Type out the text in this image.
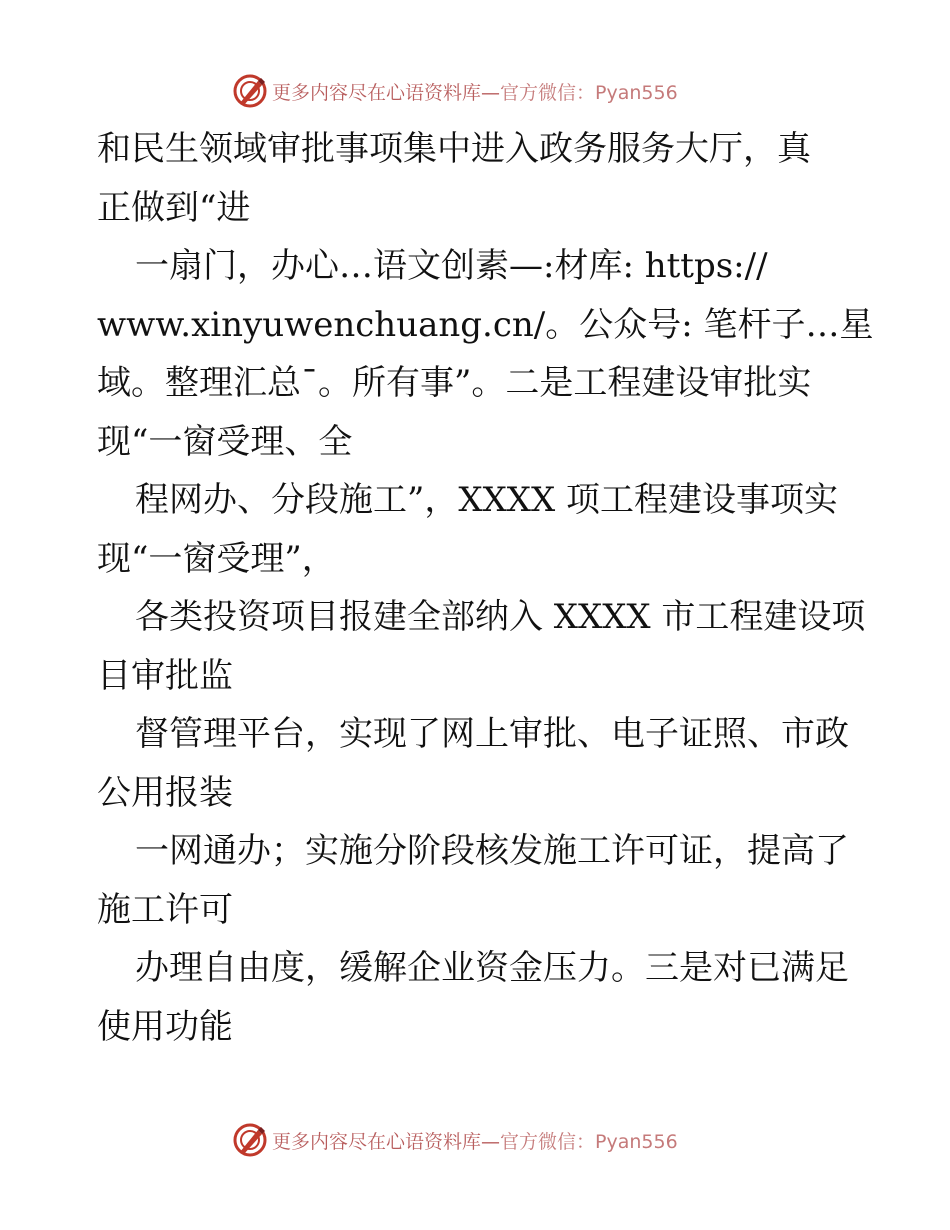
更多内容尽在心语资料库—官方微信：Pyan556
和民生领域审批事项集中进入政务服务大厅，真
正做到“进
一扇门，办心…语文创素—:材库: https://
www.xinyuwenchuang.cn/。公众号: 笔杆子…星
域。整理汇总¯。所有事”。二是工程建设审批实
现“一窗受理、全
程网办、分段施工”，XXXX 项工程建设事项实
现“一窗受理”，
各类投资项目报建全部纳入 XXXX 市工程建设项
目审批监
督管理平台，实现了网上审批、电子证照、市政
公用报装
一网通办；实施分阶段核发施工许可证，提高了
施工许可
办理自由度，缓解企业资金压力。三是对已满足
使用功能
更多内容尽在心语资料库—官方微信：Pyan556
